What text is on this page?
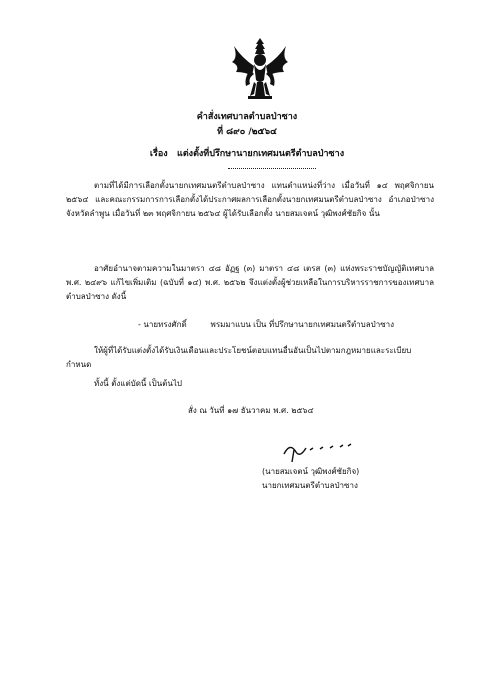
คำสั่งเทศบาลตำบลป่าซาง
ที่ ๘๙๐ /๒๕๖๔
เรื่อง แต่งตั้งที่ปรึกษานายกเทศมนตรีตำบลป่าซาง
ตามที่ได้มีการเลือกตั้งนายกเทศมนตรีตำบลป่าซาง แทนตำแหน่งที่ว่าง เมื่อวันที่ ๑๔ พฤศจิกายน ๒๕๖๔ และคณะกรรมการการเลือกตั้งได้ประกาศผลการเลือกตั้งนายกเทศมนตรีตำบลป่าซาง อำเภอป่าซาง จังหวัดลำพูน เมื่อวันที่ ๒๓ พฤศจิกายน ๒๕๖๔ ผู้ได้รับเลือกตั้ง นายสมเจตน์ วุฒิพงศ์ชัยกิจ นั้น
อาศัยอำนาจตามความในมาตรา ๔๘ อัฏฐ (๓) มาตรา ๔๘ เตรส (๓) แห่งพระราชบัญญัติเทศบาล พ.ศ. ๒๔๙๖ แก้ไขเพิ่มเติม (ฉบับที่ ๑๔) พ.ศ. ๒๕๖๒ จึงแต่งตั้งผู้ช่วยเหลือในการบริหารราชการของเทศบาลตำบลป่าซาง ดังนี้
- นายทรงศักดิ์	พรมมาแบน เป็น ที่ปรึกษานายกเทศมนตรีตำบลป่าซาง
ให้ผู้ที่ได้รับแต่งตั้งได้รับเงินเดือนและประโยชน์ตอบแทนอื่นอันเป็นไปตามกฎหมายและระเบียบกำหนด
ทั้งนี้ ตั้งแต่บัดนี้ เป็นต้นไป
สั่ง ณ วันที่ ๑๗ ธันวาคม พ.ศ. ๒๕๖๔
(นายสมเจตน์ วุฒิพงศ์ชัยกิจ)
นายกเทศมนตรีตำบลป่าซาง
